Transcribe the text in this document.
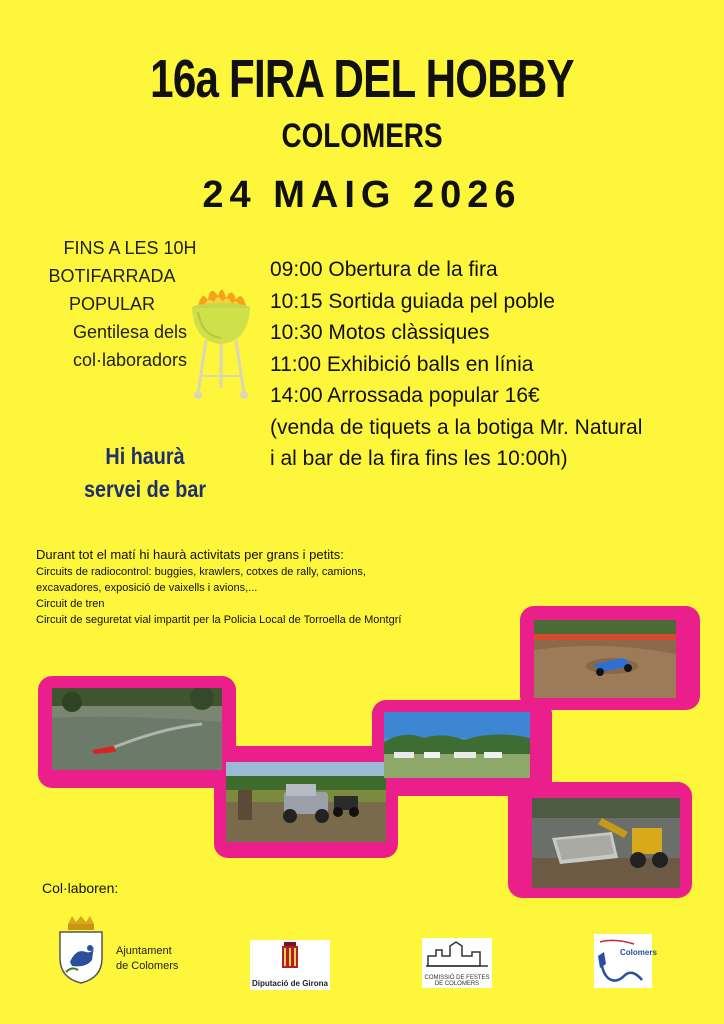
16a FIRA DEL HOBBY
COLOMERS
24 MAIG 2026
FINS A LES 10H
BOTIFARRADA
POPULAR
Gentilesa dels
col·laboradors
09:00 Obertura de la fira
10:15 Sortida guiada pel poble
10:30 Motos clàssiques
11:00 Exhibició balls en línia
14:00 Arrossada popular 16€
(venda de tiquets a la botiga Mr. Natural
i al bar de la fira fins les 10:00h)
Hi haurà
servei de bar
Durant tot el matí hi haurà activitats per grans i petits:
Circuits de radiocontrol: buggies, krawlers, cotxes de rally, camions,
excavadores, exposició de vaixells i avions,...
Circuit de tren
Circuit de seguretat vial impartit per la Policia Local de Torroella de Montgrí
Col·laboren:
Ajuntament
de Colomers
Diputació de Girona
COMISSIÓ DE FESTES
DE COLOMERS
Colomers
